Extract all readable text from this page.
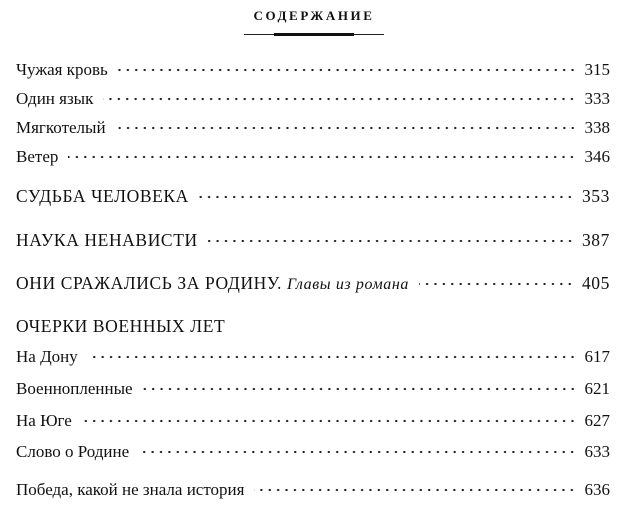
СОДЕРЖАНИЕ
Чужая кровь	315
Один язык	333
Мягкотелый	338
Ветер	346
СУДЬБА ЧЕЛОВЕКА	353
НАУКА НЕНАВИСТИ	387
ОНИ СРАЖАЛИСЬ ЗА РОДИНУ. Главы из романа	405
ОЧЕРКИ ВОЕННЫХ ЛЕТ
На Дону	617
Военнопленные	621
На Юге	627
Слово о Родине	633
Победа, какой не знала история	636
